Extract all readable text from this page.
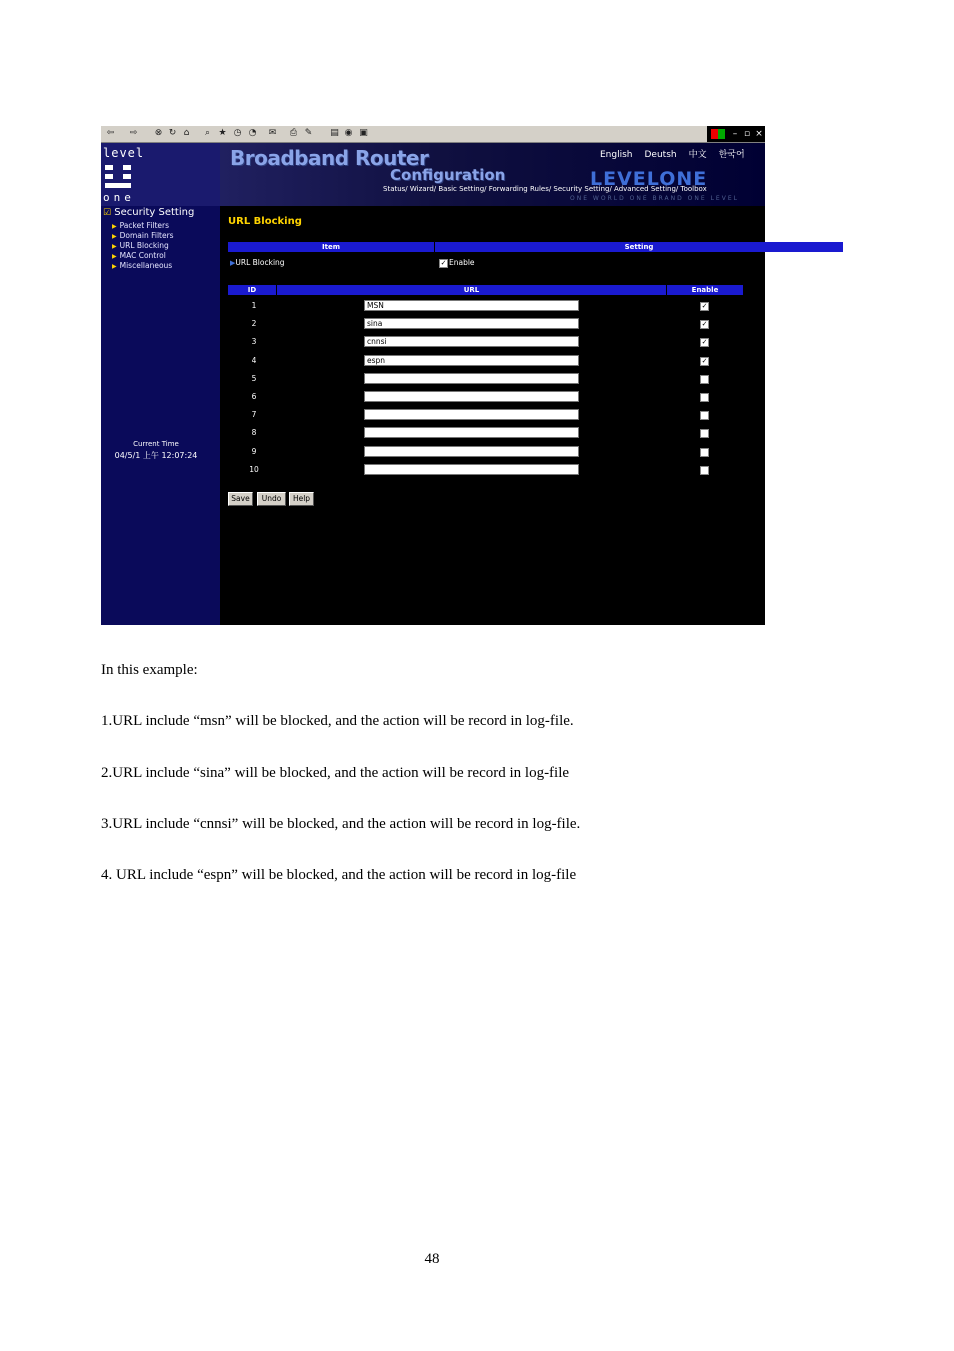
⇦ ⇨ ⊗ ↻ ⌂	⌕ ★ ◷ ◔ ✉ ⎙ ✎ ▤ ◉ ▣	– ▫ ×
level
one
Broadband Router
Configuration	LEVELONE
ONE WORLD ONE BRAND ONE LEVEL
English Deutsh 中文 한국어
Status/ Wizard/ Basic Setting/ Forwarding Rules/ Security Setting/ Advanced Setting/ Toolbox	● Logout
☑ Security Setting
▶ Packet Filters
▶ Domain Filters
▶ URL Blocking
▶ MAC Control
▶ Miscellaneous
Current Time
04/5/1 上午 12:07:24
URL Blocking
Item	Setting
▶URL Blocking	✓ Enable
ID	URL	Enable
1	MSN	✓
2	sina	✓
3	cnnsi	✓
4	espn	✓
5
6
7
8
9
10
Save	Undo	Help
In this example:
1.URL include “msn” will be blocked, and the action will be record in log-file.
2.URL include “sina” will be blocked, and the action will be record in log-file
3.URL include “cnnsi” will be blocked, and the action will be record in log-file.
4. URL include “espn” will be blocked, and the action will be record in log-file
48
